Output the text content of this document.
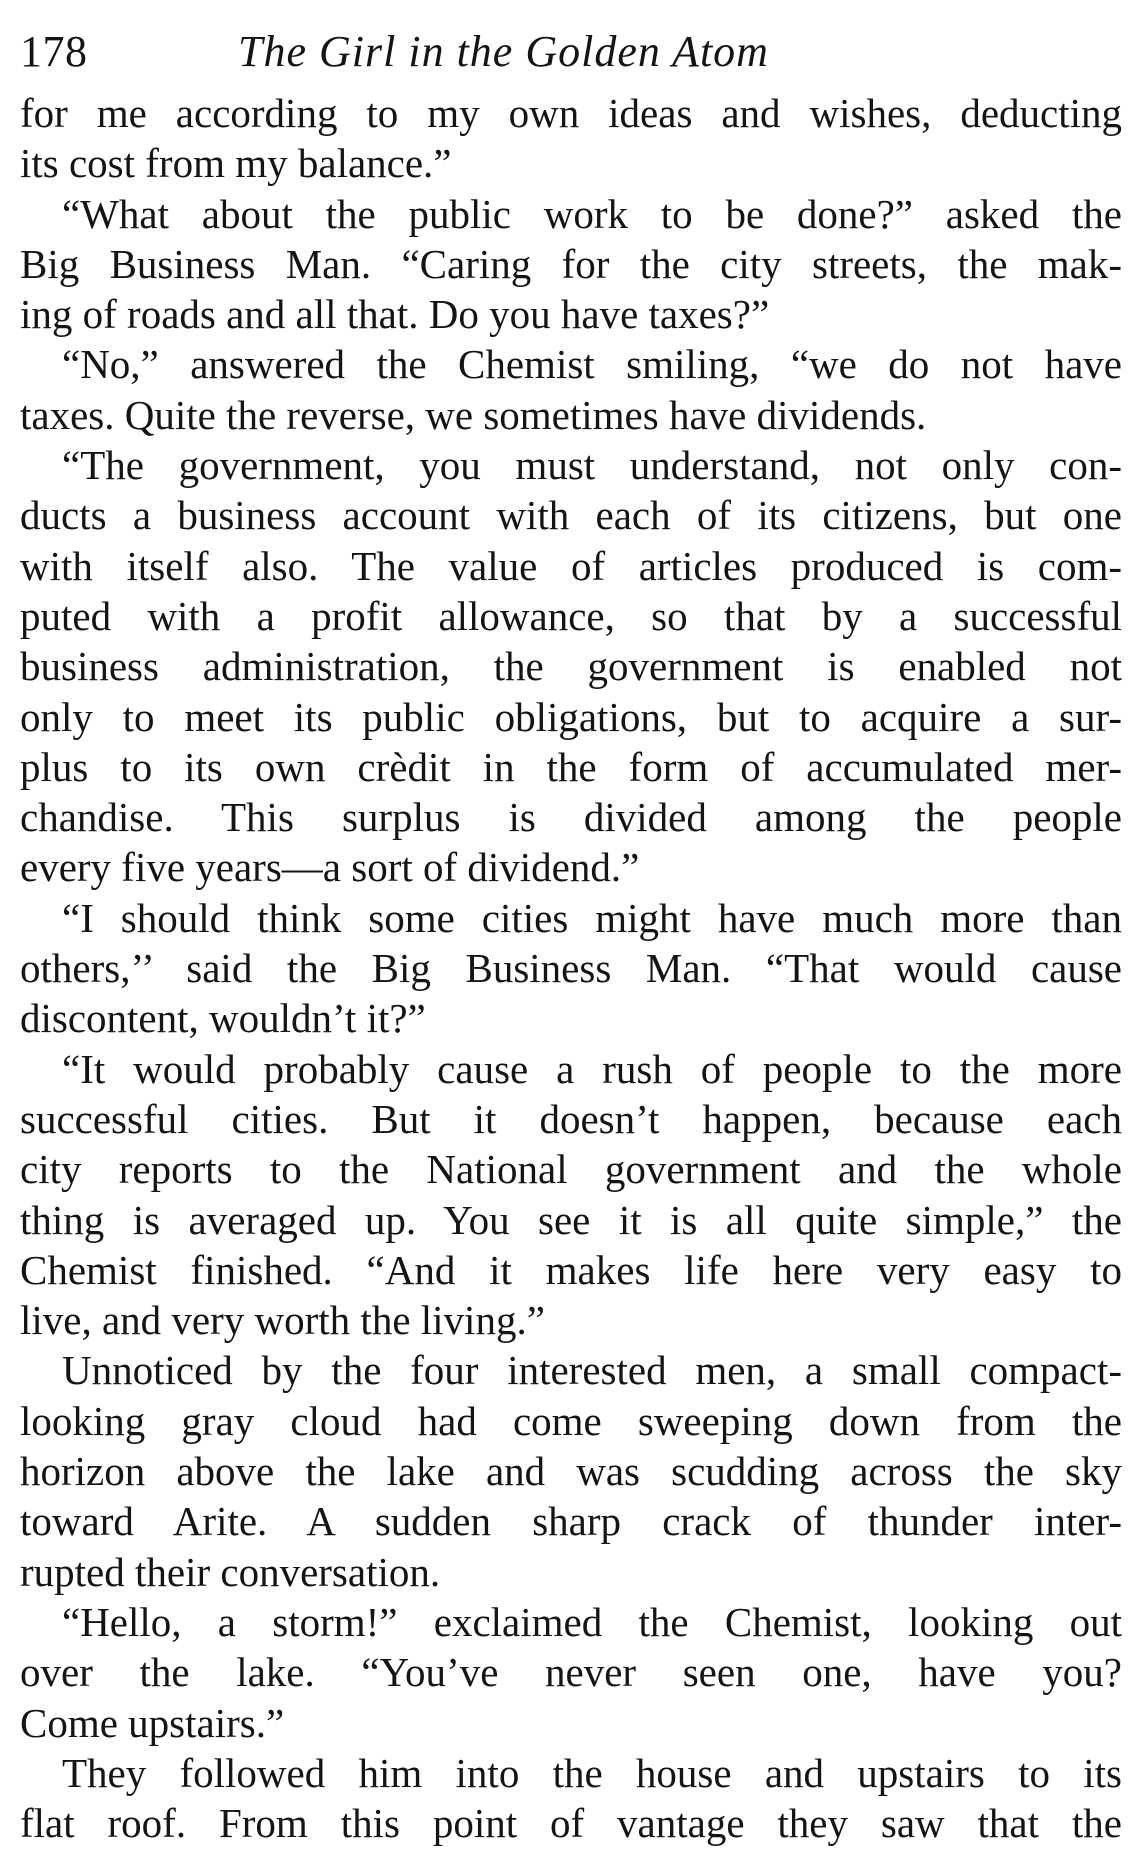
178	The Girl in the Golden Atom
for me according to my own ideas and wishes, deducting
its cost from my balance.”
“What about the public work to be done?” asked the
Big Business Man. “Caring for the city streets, the mak-
ing of roads and all that. Do you have taxes?”
“No,” answered the Chemist smiling, “we do not have
taxes. Quite the reverse, we sometimes have dividends.
“The government, you must understand, not only con-
ducts a business account with each of its citizens, but one
with itself also. The value of articles produced is com-
puted with a profit allowance, so that by a successful
business administration, the government is enabled not
only to meet its public obligations, but to acquire a sur-
plus to its own crèdit in the form of accumulated mer-
chandise. This surplus is divided among the people
every five years—a sort of dividend.”
“I should think some cities might have much more than
others,’’ said the Big Business Man. “That would cause
discontent, wouldn’t it?”
“It would probably cause a rush of people to the more
successful cities. But it doesn’t happen, because each
city reports to the National government and the whole
thing is averaged up. You see it is all quite simple,” the
Chemist finished. “And it makes life here very easy to
live, and very worth the living.”
Unnoticed by the four interested men, a small compact-
looking gray cloud had come sweeping down from the
horizon above the lake and was scudding across the sky
toward Arite. A sudden sharp crack of thunder inter-
rupted their conversation.
“Hello, a storm!” exclaimed the Chemist, looking out
over the lake. “You’ve never seen one, have you?
Come upstairs.”
They followed him into the house and upstairs to its
flat roof. From this point of vantage they saw that the
